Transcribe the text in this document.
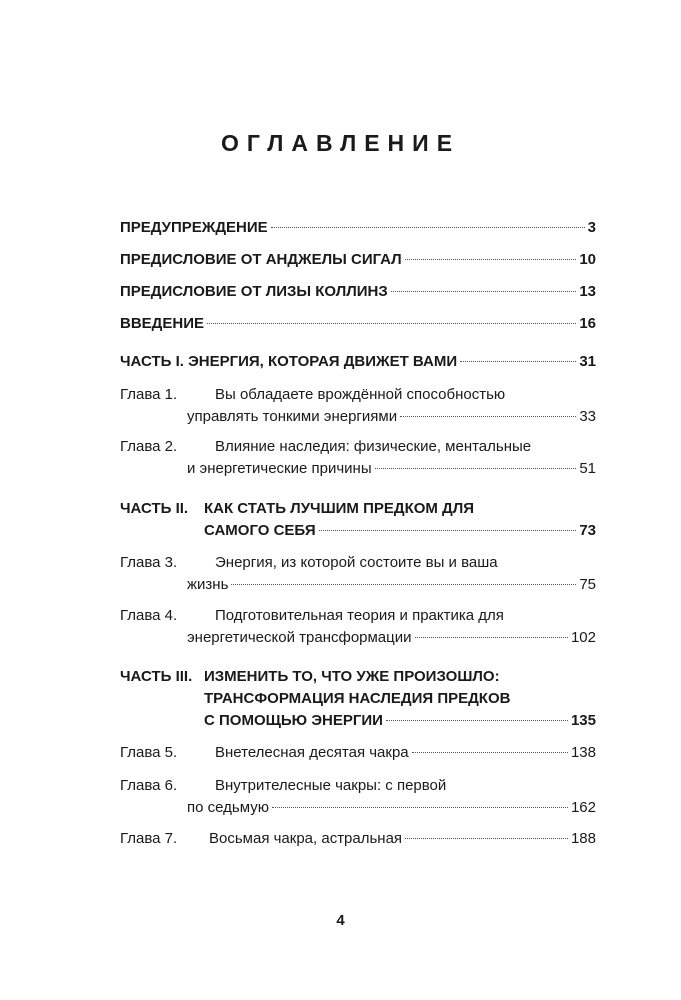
ОГЛАВЛЕНИЕ
ПРЕДУПРЕЖДЕНИЕ	3
ПРЕДИСЛОВИЕ ОТ АНДЖЕЛЫ СИГАЛ	10
ПРЕДИСЛОВИЕ ОТ ЛИЗЫ КОЛЛИНЗ	13
ВВЕДЕНИЕ	16
ЧАСТЬ I. ЭНЕРГИЯ, КОТОРАЯ ДВИЖЕТ ВАМИ	31
Глава 1.	Вы обладаете врождённой способностью
управлять тонкими энергиями	33
Глава 2.	Влияние наследия: физические, ментальные
и энергетические причины	51
ЧАСТЬ II.	КАК СТАТЬ ЛУЧШИМ ПРЕДКОМ ДЛЯ
САМОГО СЕБЯ	73
Глава 3.	Энергия, из которой состоите вы и ваша
жизнь	75
Глава 4.	Подготовительная теория и практика для
энергетической трансформации	102
ЧАСТЬ III. ИЗМЕНИТЬ ТО, ЧТО УЖЕ ПРОИЗОШЛО:
ТРАНСФОРМАЦИЯ НАСЛЕДИЯ ПРЕДКОВ
С ПОМОЩЬЮ ЭНЕРГИИ	135
Глава 5.	Внетелесная десятая чакра	138
Глава 6.	Внутрителесные чакры: с первой
по седьмую	162
Глава 7.	Восьмая чакра, астральная	188
4
